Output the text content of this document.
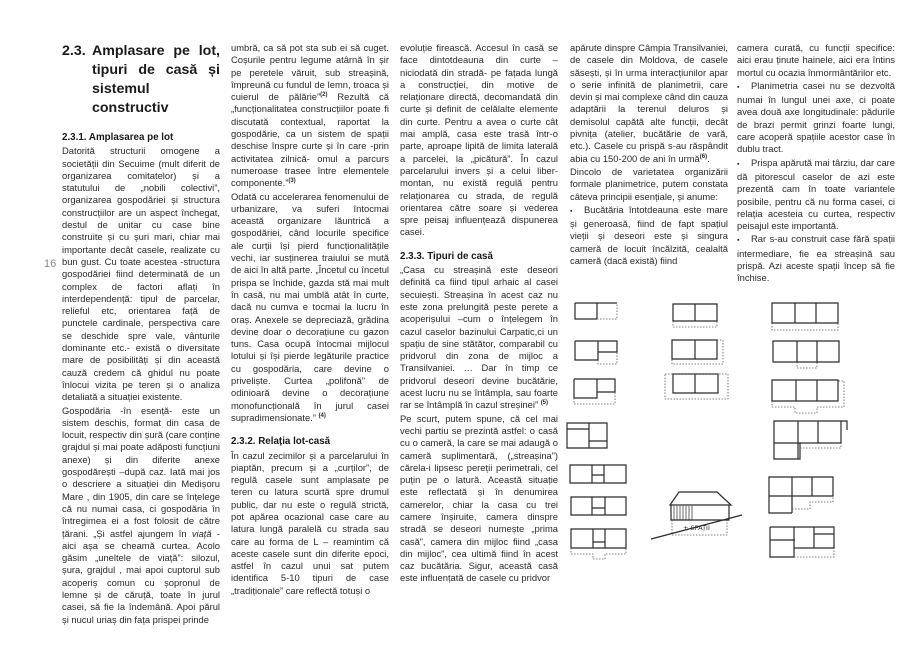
16
2.3. Amplasare pe lot, tipuri de casă și sistemul constructiv

2.3.1. Amplasarea pe lot

Datorită structurii omogene a societății din Secuime (mult diferit de organizarea comitatelor) și a statutului de „nobili colectivi”, organizarea gospodăriei și structura construcțiilor are un aspect închegat, destul de unitar cu case bine construite și cu șuri mari, chiar mai importante decât casele, realizate cu bun gust. Cu toate acestea -structura gospodăriei fiind determinată de un complex de factori aflați în interdependență: tipul de parcelar, relieful etc, orientarea față de punctele cardinale, perspectiva care se deschide spre vale, vânturile dominante etc.- există o diversitate mare de posibilități și din această cauză credem că ghidul nu poate înlocui vizita pe teren și o analiza detaliată a situației existente.

Gospodăria -în esență- este un sistem deschis, format din casa de locuit, respectiv din șură (care conține grajdul și mai poate adăposti funcțiuni anexe) și din diferite anexe gospodărești –după caz. Iată mai jos o descriere a situației din Medișoru Mare , din 1905, din care se înțelege că nu numai casa, ci gospodăria în întregimea ei a fost folosit de către țărani. „Și astfel ajungem în viață - aici așa se cheamă curtea. Acolo găsim „uneltele de viață”: silozul, șura, grajdul , mai apoi cuptorul sub acoperiș comun cu șopronul de lemne și de căruță, toate în jurul casei, să fie la îndemână. Apoi părul și nucul uriaș din fața prispei prinde

umbră, ca să pot sta sub ei să cuget. Coșurile pentru legume atârnă în șir pe peretele văruit, sub streașină, împreună cu fundul de lemn, troaca și cuierul de pălărie”$^{(2)}$ Rezultă că „funcționalitatea construcțiilor poate fi discutată contextual, raportat la gospodărie, ca un sistem de spații deschise înspre curte și în care -prin activitatea zilnică- omul a parcurs numeroase trasee între elementele componente.”$^{(3)}$

Odată cu accelerarea fenomenului de urbanizare, va suferi întocmai această organizare lăuntrică a gospodăriei, când locurile specifice ale curții își pierd funcționalitățile vechi, iar susținerea traiului se mută de aici în altă parte. „Încetul cu încetul prispa se închide, gazda stă mai mult în casă, nu mai umblă atât în curte, dacă nu cumva e tocmai la lucru în oraș. Anexele se depreciază, grădina devine doar o decorațiune cu gazon tuns. Casa ocupă întocmai mijlocul lotului și își pierde legăturile practice cu gospodăria, care devine o priveliște. Curtea „polifonă” de odinioară devine o decorațiune monofuncțională în jurul casei supradimensionate.” $^{(4)}$

2.3.2. Relația lot-casă

În cazul zecimilor și a parcelarului în piaptăn, precum și a „curților”, de regulă casele sunt amplasate pe teren cu latura scurtă spre drumul public, dar nu este o regulă strictă, pot apărea ocazional case care au latura lungă paralelă cu strada sau care au forma de L – reamintim că aceste casele sunt din diferite epoci, astfel în cazul unui sat putem identifica 5-10 tipuri de case „tradiționale” care reflectă totuși o

evoluție firească. Accesul în casă se face dintotdeauna din curte – niciodată din stradă- pe fațada lungă a construcției, din motive de relaționare directă, decomandată din curte și definit de celălalte elemente din curte. Pentru a avea o curte cât mai amplă, casa este trasă într-o parte, aproape lipită de limita laterală a parcelei, la „picătură”. În cazul parcelarului invers și a celui liber-montan, nu există regulă pentru relaționarea cu strada, de regulă orientarea către soare și vederea spre peisaj influențează dispunerea casei.

2.3.3. Tipuri de casă

„Casa cu streașină este deseori definită ca fiind tipul arhaic al casei secuiești. Streașina în acest caz nu este zona prelungită peste perete a acoperișului –cum o înțelegem în cazul caselor bazinului Carpatic,ci un spațiu de sine stătător, comparabil cu pridvorul din zona de mijloc a Transilvaniei. … Dar în timp ce pridvorul deseori devine bucătărie, acest lucru nu se întâmpla, sau foarte rar se întâmplă în cazul streșinei” $^{(5)}$

Pe scurt, putem spune, că cel mai vechi partiu se prezintă astfel: o casă cu o cameră, la care se mai adaugă o cameră suplimentară, („streașina”) cărela-i lipsesc pereții perimetrali, cel puțin pe o latură. Această situație este reflectată și în denumirea camerelor, chiar la casa cu trei camere înșiruite, camera dinspre stradă se deseori numește „prima casă”, camera din mijloc fiind „casa din mijloc”, cea ultimă fiind în acest caz bucătăria. Sigur, această casă este influențată de casele cu pridvor

apărute dinspre Câmpia Transilvaniei, de casele din Moldova, de casele săsești, și în urma interacțiunilor apar o serie infinită de planimetrii, care devin și mai complexe când din cauza adaptării la terenul deluros și demisolul capătă alte funcții, decât pivnița (atelier, bucătărie de vară, etc.). Casele cu prispă s-au răspândit abia cu 150-200 de ani în urmă$^{(6)}$.

Dincolo de varietatea organizării formale planimetrice, putem constata câteva principii esențiale, și anume:

▪ Bucătăria întotdeauna este mare și generoasă, fiind de fapt spațiul vieții și deseori este și singura cameră de locuit încălzită, cealaltă cameră (dacă există) fiind

camera curată, cu funcții specifice: aici erau ținute hainele, aici era întins mortul cu ocazia înmormântărilor etc.

▪ Planimetria casei nu se dezvoltă numai în lungul unei axe, ci poate avea două axe longitudinale: pădurile de brazi permit grinzi foarte lungi, care acoperă spațiile acestor case în dublu tract.

▪ Prispa apărută mai târziu, dar care dă pitorescul caselor de azi este prezentă cam în toate variantele posibile, pentru că nu forma casei, ci relația acesteia cu curtea, respectiv peisajul este importantă.

▪ Rar s-au construit case fără spații intermediare, fie ea streașină sau prispă. Azi aceste spații încep să fie închise.

+ SPAȚII
